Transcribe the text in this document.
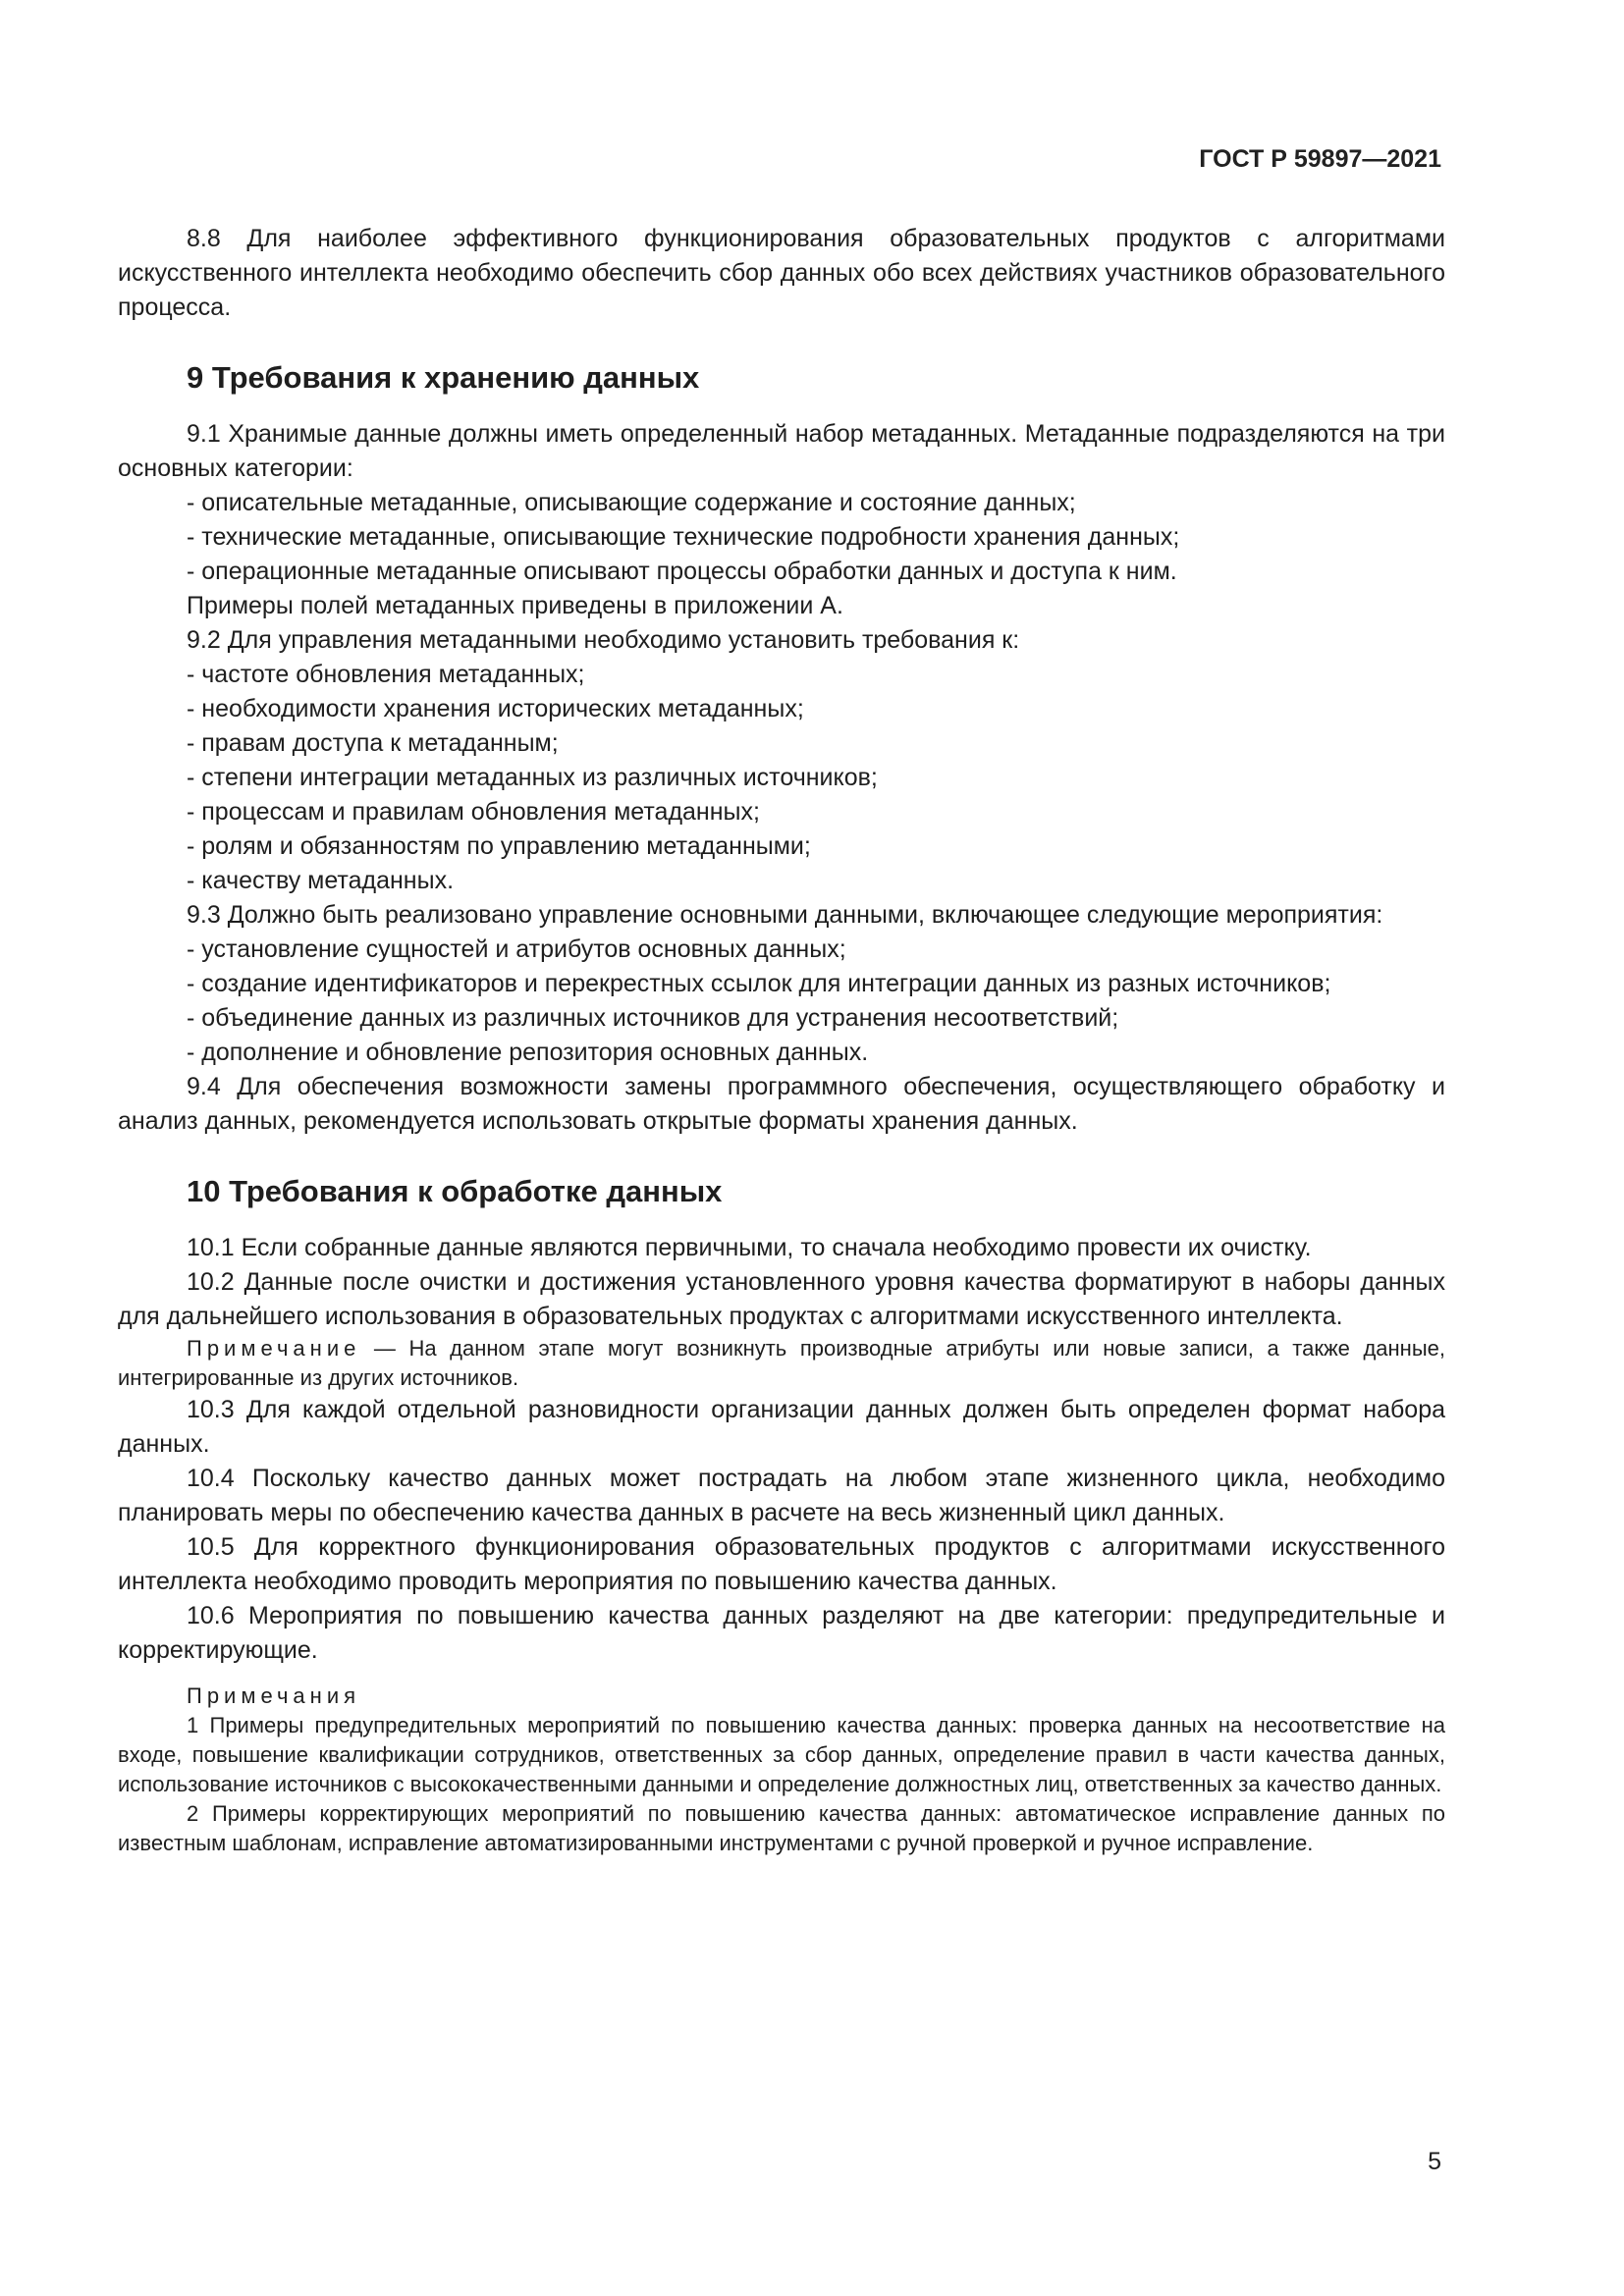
ГОСТ Р 59897—2021

8.8 Для наиболее эффективного функционирования образовательных продуктов с алгоритмами искусственного интеллекта необходимо обеспечить сбор данных обо всех действиях участников образовательного процесса.

9 Требования к хранению данных

9.1 Хранимые данные должны иметь определенный набор метаданных. Метаданные подразделяются на три основных категории:

- описательные метаданные, описывающие содержание и состояние данных;

- технические метаданные, описывающие технические подробности хранения данных;

- операционные метаданные описывают процессы обработки данных и доступа к ним.

Примеры полей метаданных приведены в приложении А.

9.2 Для управления метаданными необходимо установить требования к:

- частоте обновления метаданных;

- необходимости хранения исторических метаданных;

- правам доступа к метаданным;

- степени интеграции метаданных из различных источников;

- процессам и правилам обновления метаданных;

- ролям и обязанностям по управлению метаданными;

- качеству метаданных.

9.3 Должно быть реализовано управление основными данными, включающее следующие мероприятия:

- установление сущностей и атрибутов основных данных;

- создание идентификаторов и перекрестных ссылок для интеграции данных из разных источников;

- объединение данных из различных источников для устранения несоответствий;

- дополнение и обновление репозитория основных данных.

9.4 Для обеспечения возможности замены программного обеспечения, осуществляющего обработку и анализ данных, рекомендуется использовать открытые форматы хранения данных.

10 Требования к обработке данных

10.1 Если собранные данные являются первичными, то сначала необходимо провести их очистку.

10.2 Данные после очистки и достижения установленного уровня качества форматируют в наборы данных для дальнейшего использования в образовательных продуктах с алгоритмами искусственного интеллекта.

Примечание — На данном этапе могут возникнуть производные атрибуты или новые записи, а также данные, интегрированные из других источников.

10.3 Для каждой отдельной разновидности организации данных должен быть определен формат набора данных.

10.4 Поскольку качество данных может пострадать на любом этапе жизненного цикла, необходимо планировать меры по обеспечению качества данных в расчете на весь жизненный цикл данных.

10.5 Для корректного функционирования образовательных продуктов с алгоритмами искусственного интеллекта необходимо проводить мероприятия по повышению качества данных.

10.6 Мероприятия по повышению качества данных разделяют на две категории: предупредительные и корректирующие.

Примечания

1 Примеры предупредительных мероприятий по повышению качества данных: проверка данных на несоответствие на входе, повышение квалификации сотрудников, ответственных за сбор данных, определение правил в части качества данных, использование источников с высококачественными данными и определение должностных лиц, ответственных за качество данных.

2 Примеры корректирующих мероприятий по повышению качества данных: автоматическое исправление данных по известным шаблонам, исправление автоматизированными инструментами с ручной проверкой и ручное исправление.

5
